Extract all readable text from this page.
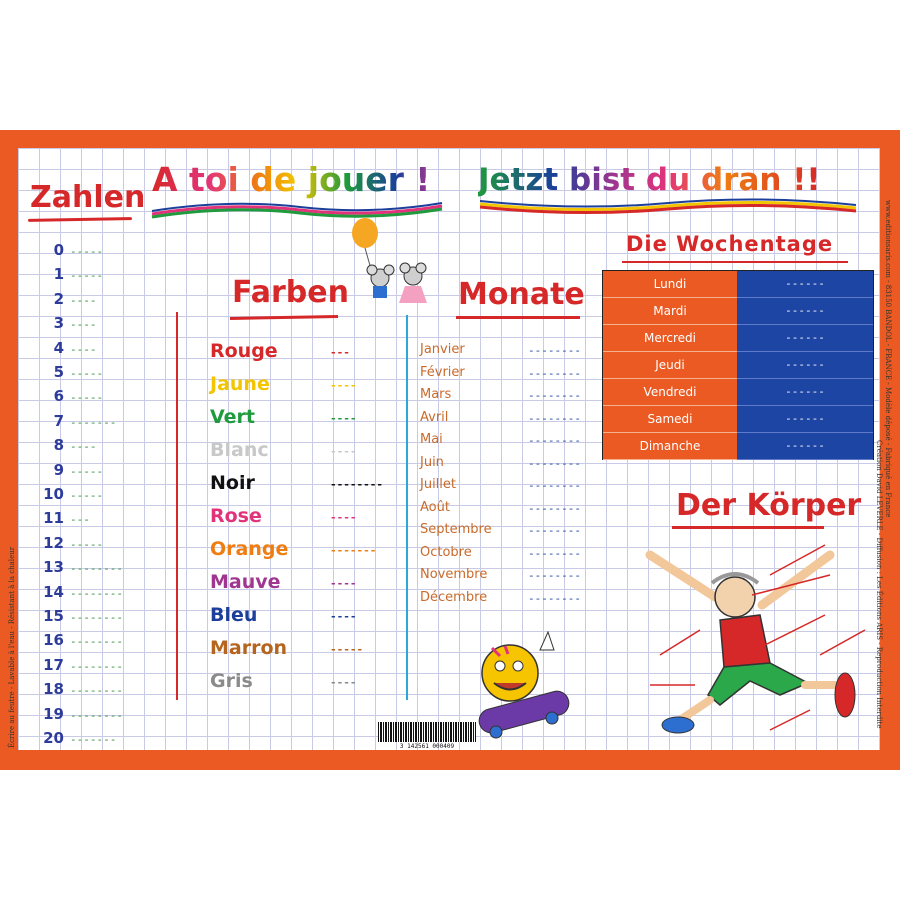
Zahlen A toi de jouer ! Jetzt bist du dran !!
0 -----
1 -----
2 ----
3 ----
4 ----
5 -----
6 -----
7 -------
8 ----
9 -----
10 -----
11 ---
12 -----
13 --------
14 --------
15 --------
16 --------
17 --------
18 --------
19 --------
20 -------
Farben	Monate
Rouge	---
Jaune	----
Vert	----
Blanc	----
Noir	--------
Rose	----
Orange	-------
Mauve	----
Bleu	----
Marron	-----
Gris	----
Janvier	--------
Février	--------
Mars	--------
Avril	--------
Mai	--------
Juin	--------
Juillet	--------
Août	--------
Septembre	--------
Octobre	--------
Novembre	--------
Décembre	--------
Die Wochentage
Lundi	------
Mardi	------
Mercredi	------
Jeudi	------
Vendredi	------
Samedi	------
Dimanche	------
Der Körper
3 142561 000409
Écrire au feutre - Lavable à l'eau - Résistant à la chaleur
www.editionsaris.com - 83150 BANDOL - FRANCE - Modèle déposé - Fabriqué en France
Création David LEVERLE - Diffusion : Les Éditions ARIS - Reproduction Interdite
